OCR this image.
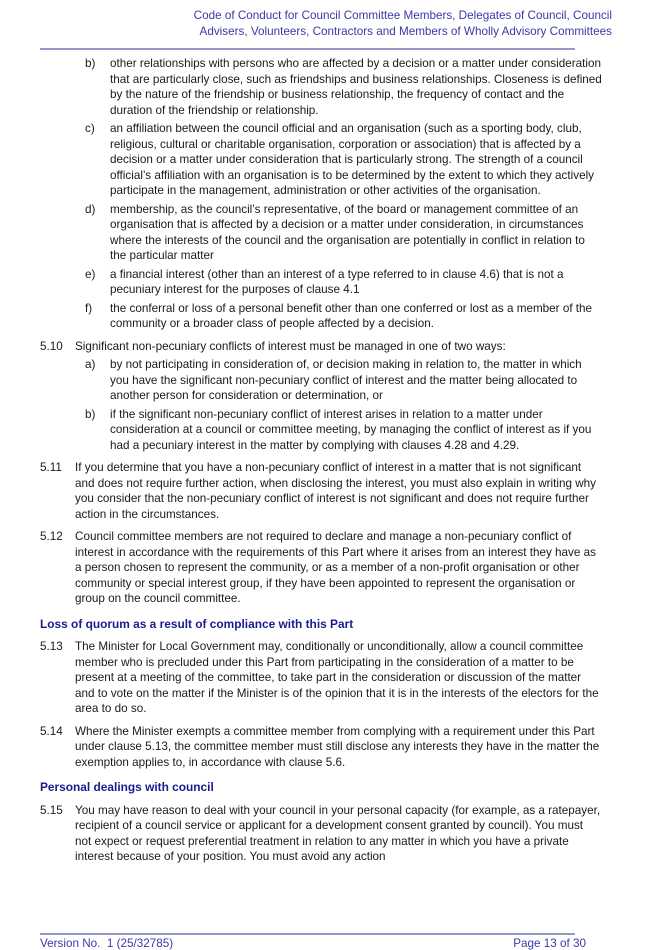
Code of Conduct for Council Committee Members, Delegates of Council, Council Advisers, Volunteers, Contractors and Members of Wholly Advisory Committees
b) other relationships with persons who are affected by a decision or a matter under consideration that are particularly close, such as friendships and business relationships. Closeness is defined by the nature of the friendship or business relationship, the frequency of contact and the duration of the friendship or relationship.
c) an affiliation between the council official and an organisation (such as a sporting body, club, religious, cultural or charitable organisation, corporation or association) that is affected by a decision or a matter under consideration that is particularly strong. The strength of a council official’s affiliation with an organisation is to be determined by the extent to which they actively participate in the management, administration or other activities of the organisation.
d) membership, as the council’s representative, of the board or management committee of an organisation that is affected by a decision or a matter under consideration, in circumstances where the interests of the council and the organisation are potentially in conflict in relation to the particular matter
e) a financial interest (other than an interest of a type referred to in clause 4.6) that is not a pecuniary interest for the purposes of clause 4.1
f) the conferral or loss of a personal benefit other than one conferred or lost as a member of the community or a broader class of people affected by a decision.
5.10 Significant non-pecuniary conflicts of interest must be managed in one of two ways:
a) by not participating in consideration of, or decision making in relation to, the matter in which you have the significant non-pecuniary conflict of interest and the matter being allocated to another person for consideration or determination, or
b) if the significant non-pecuniary conflict of interest arises in relation to a matter under consideration at a council or committee meeting, by managing the conflict of interest as if you had a pecuniary interest in the matter by complying with clauses 4.28 and 4.29.
5.11 If you determine that you have a non-pecuniary conflict of interest in a matter that is not significant and does not require further action, when disclosing the interest, you must also explain in writing why you consider that the non-pecuniary conflict of interest is not significant and does not require further action in the circumstances.
5.12 Council committee members are not required to declare and manage a non-pecuniary conflict of interest in accordance with the requirements of this Part where it arises from an interest they have as a person chosen to represent the community, or as a member of a non-profit organisation or other community or special interest group, if they have been appointed to represent the organisation or group on the council committee.
Loss of quorum as a result of compliance with this Part
5.13 The Minister for Local Government may, conditionally or unconditionally, allow a council committee member who is precluded under this Part from participating in the consideration of a matter to be present at a meeting of the committee, to take part in the consideration or discussion of the matter and to vote on the matter if the Minister is of the opinion that it is in the interests of the electors for the area to do so.
5.14 Where the Minister exempts a committee member from complying with a requirement under this Part under clause 5.13, the committee member must still disclose any interests they have in the matter the exemption applies to, in accordance with clause 5.6.
Personal dealings with council
5.15 You may have reason to deal with your council in your personal capacity (for example, as a ratepayer, recipient of a council service or applicant for a development consent granted by council). You must not expect or request preferential treatment in relation to any matter in which you have a private interest because of your position. You must avoid any action
Version No.  1 (25/32785)	Page 13 of 30
